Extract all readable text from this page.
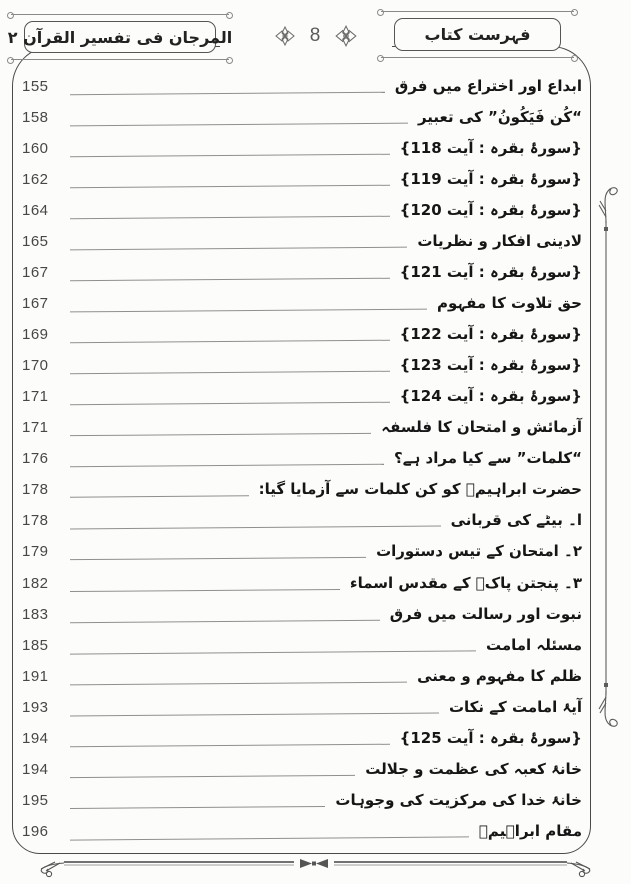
المرجان فی تفسیر القرآن ۲	8	فہرست کتاب
155	ابداع اور اختراع میں فرق
158	“کُن فَیَکُونُ” کی تعبیر
160	{سورۂ بقرہ : آیت 118}
162	{سورۂ بقرہ : آیت 119}
164	{سورۂ بقرہ : آیت 120}
165	لادینی افکار و نظریات
167	{سورۂ بقرہ : آیت 121}
167	حق تلاوت کا مفہوم
169	{سورۂ بقرہ : آیت 122}
170	{سورۂ بقرہ : آیت 123}
171	{سورۂ بقرہ : آیت 124}
171	آزمائش و امتحان کا فلسفہ
176	“کلمات” سے کیا مراد ہے؟
178	حضرت ابراہیمؑ کو کن کلمات سے آزمایا گیا:
178	ا۔ بیٹے کی قربانی
179	۲۔ امتحان کے تیس دستورات
182	۳۔ پنجتن پاکؑ کے مقدس اسماء
183	نبوت اور رسالت میں فرق
185	مسئلہ امامت
191	ظلم کا مفہوم و معنی
193	آیۂ امامت کے نکات
194	{سورۂ بقرہ : آیت 125}
194	خانۂ کعبہ کی عظمت و جلالت
195	خانۂ خدا کی مرکزیت کی وجوہات
196	مقام ابراہیمؑ
